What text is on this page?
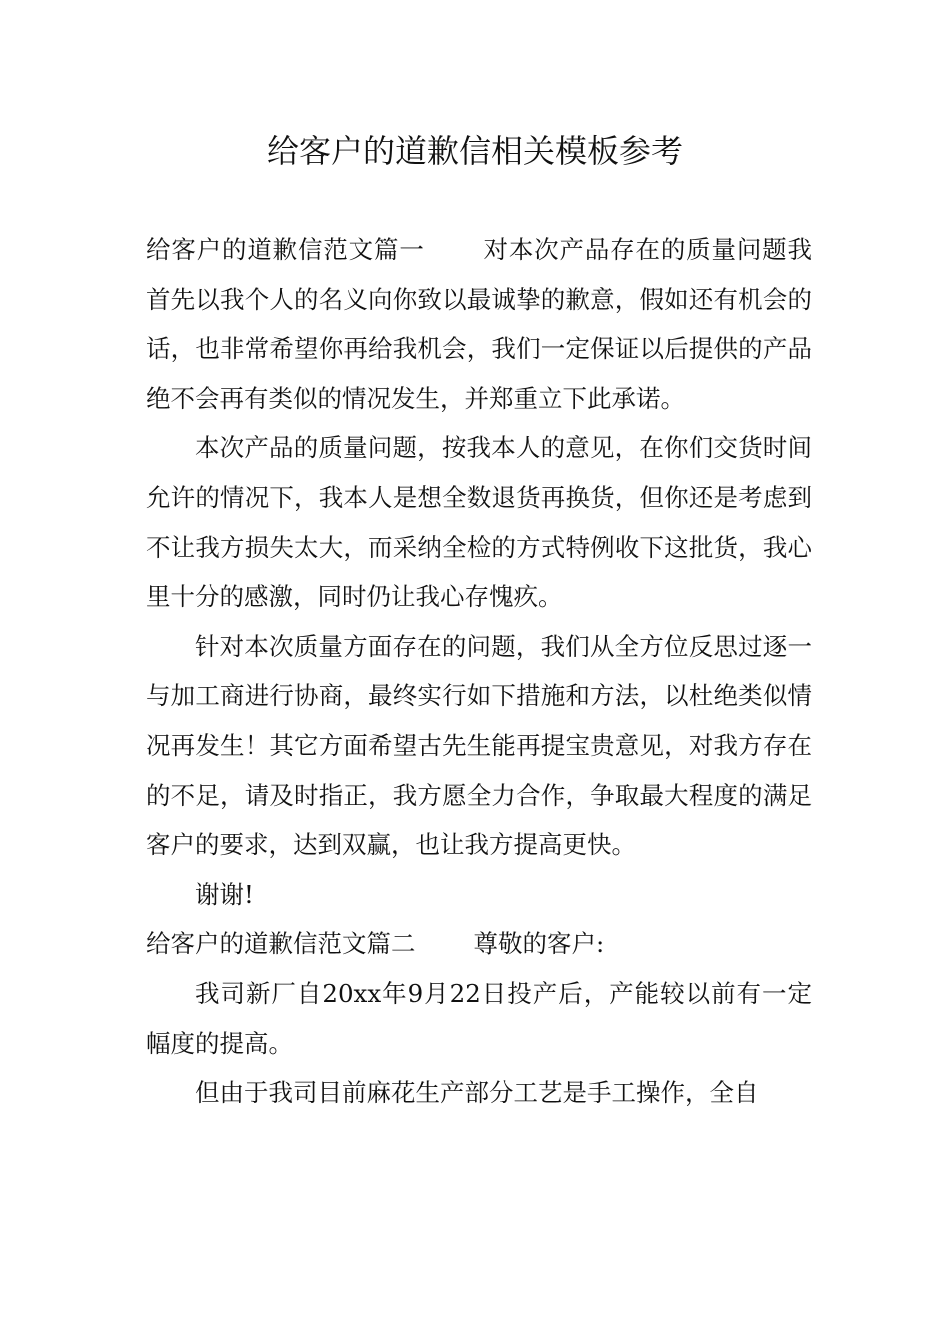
给客户的道歉信相关模板参考

给客户的道歉信范文篇一 对本次产品存在的质量问题我首先以我个人的名义向你致以最诚挚的歉意，假如还有机会的话，也非常希望你再给我机会，我们一定保证以后提供的产品绝不会再有类似的情况发生，并郑重立下此承诺。

本次产品的质量问题，按我本人的意见，在你们交货时间允许的情况下，我本人是想全数退货再换货，但你还是考虑到不让我方损失太大，而采纳全检的方式特例收下这批货，我心里十分的感激，同时仍让我心存愧疚。

针对本次质量方面存在的问题，我们从全方位反思过逐一与加工商进行协商，最终实行如下措施和方法，以杜绝类似情况再发生！其它方面希望古先生能再提宝贵意见，对我方存在的不足，请及时指正，我方愿全力合作，争取最大程度的满足客户的要求，达到双赢，也让我方提高更快。

谢谢!

给客户的道歉信范文篇二 尊敬的客户:

我司新厂自20xx年9月22日投产后，产能较以前有一定幅度的提高。

但由于我司目前麻花生产部分工艺是手工操作，全自
